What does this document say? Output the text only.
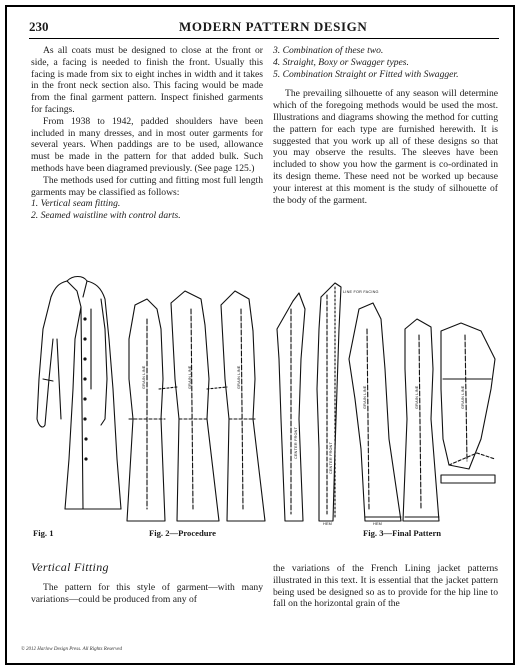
230	MODERN PATTERN DESIGN

As all coats must be designed to close at the front or side, a facing is needed to finish the front. Usually this facing is made from six to eight inches in width and it takes in the front neck section also. This facing would be made from the final garment pattern. Inspect finished garments for facings.

From 1938 to 1942, padded shoulders have been included in many dresses, and in most outer garments for several years. When paddings are to be used, allowance must be made in the pattern for that added bulk. Such methods have been diagramed previously. (See page 125.)

The methods used for cutting and fitting most full length garments may be classified as follows:

1. Vertical seam fitting.
2. Seamed waistline with control darts.
3. Combination of these two.
4. Straight, Boxy or Swagger types.
5. Combination Straight or Fitted with Swagger.

The prevailing silhouette of any season will determine which of the foregoing methods would be used the most. Illustrations and diagrams showing the method for cutting the pattern for each type are furnished herewith. It is suggested that you work up all of these designs so that you may observe the results. The sleeves have been included to show you how the garment is co-ordinated in its design theme. These need not be worked up because your interest at this moment is the study of silhouette of the body of the garment.

GRAIN LINE	GRAIN LINE	GRAIN LINE
GRAIN LINE	GRAIN LINE	GRAIN LINE
CENTER FRONT	CENTER FRONT
LINE FOR FACING
HEM	HEM
Fig. 1	Fig. 2—Procedure	Fig. 3—Final Pattern
Vertical Fitting

The pattern for this style of garment—with many variations—could be produced from any of

the variations of the French Lining jacket patterns illustrated in this text. It is essential that the jacket pattern being used be designed so as to provide for the hip line to fall on the horizontal grain of the
© 2012 Harlow Design Press. All Rights Reserved
